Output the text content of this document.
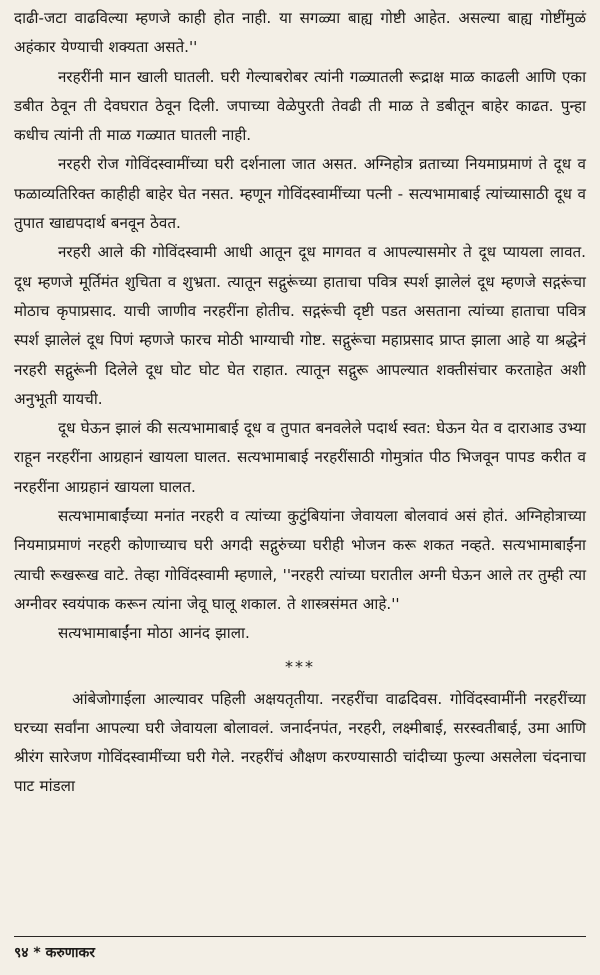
दाढी-जटा वाढविल्या म्हणजे काही होत नाही. या सगळ्या बाह्य गोष्टी आहेत. असल्या बाह्य गोष्टींमुळं अहंकार येण्याची शक्यता असते.''

नरहरींनी मान खाली घातली. घरी गेल्याबरोबर त्यांनी गळ्यातली रूद्राक्ष माळ काढली आणि एका डबीत ठेवून ती देवघरात ठेवून दिली. जपाच्या वेळेपुरती तेवढी ती माळ ते डबीतून बाहेर काढत. पुन्हा कधीच त्यांनी ती माळ गळ्यात घातली नाही.

नरहरी रोज गोविंदस्वामींच्या घरी दर्शनाला जात असत. अग्निहोत्र व्रताच्या नियमाप्रमाणं ते दूध व फळाव्यतिरिक्त काहीही बाहेर घेत नसत. म्हणून गोविंदस्वामींच्या पत्नी - सत्यभामाबाई त्यांच्यासाठी दूध व तुपात खाद्यपदार्थ बनवून ठेवत.

नरहरी आले की गोविंदस्वामी आधी आतून दूध मागवत व आपल्यासमोर ते दूध प्यायला लावत. दूध म्हणजे मूर्तिमंत शुचिता व शुभ्रता. त्यातून सद्गुरूंच्या हाताचा पवित्र स्पर्श झालेलं दूध म्हणजे सद्गरूंचा मोठाच कृपाप्रसाद. याची जाणीव नरहरींना होतीच. सद्गरूंची दृष्टी पडत असताना त्यांच्या हाताचा पवित्र स्पर्श झालेलं दूध पिणं म्हणजे फारच मोठी भाग्याची गोष्ट. सद्गुरूंचा महाप्रसाद प्राप्त झाला आहे या श्रद्धेनं नरहरी सद्गुरूंनी दिलेले दूध घोट घोट घेत राहात. त्यातून सद्गुरू आपल्यात शक्तीसंचार करताहेत अशी अनुभूती यायची.

दूध घेऊन झालं की सत्यभामाबाई दूध व तुपात बनवलेले पदार्थ स्वत: घेऊन येत व दाराआड उभ्या राहून नरहरींना आग्रहानं खायला घालत. सत्यभामाबाई नरहरींसाठी गोमुत्रांत पीठ भिजवून पापड करीत व नरहरींना आग्रहानं खायला घालत.

सत्यभामाबाईंच्या मनांत नरहरी व त्यांच्या कुटुंबियांना जेवायला बोलवावं असं होतं. अग्निहोत्राच्या नियमाप्रमाणं नरहरी कोणाच्याच घरी अगदी सद्गुरुंच्या घरीही भोजन करू शकत नव्हते. सत्यभामाबाईंना त्याची रूखरूख वाटे. तेव्हा गोविंदस्वामी म्हणाले, ''नरहरी त्यांच्या घरातील अग्नी घेऊन आले तर तुम्ही त्या अग्नीवर स्वयंपाक करून त्यांना जेवू घालू शकाल. ते शास्त्रसंमत आहे.''

सत्यभामाबाईंना मोठा आनंद झाला.

***

आंबेजोगाईला आल्यावर पहिली अक्षयतृतीया. नरहरींचा वाढदिवस. गोविंदस्वामींनी नरहरींच्या घरच्या सर्वांना आपल्या घरी जेवायला बोलावलं. जनार्दनपंत, नरहरी, लक्ष्मीबाई, सरस्वतीबाई, उमा आणि श्रीरंग सारेजण गोविंदस्वामींच्या घरी गेले. नरहरींचं औक्षण करण्यासाठी चांदीच्या फुल्या असलेला चंदनाचा पाट मांडला

९४ * करुणाकर
